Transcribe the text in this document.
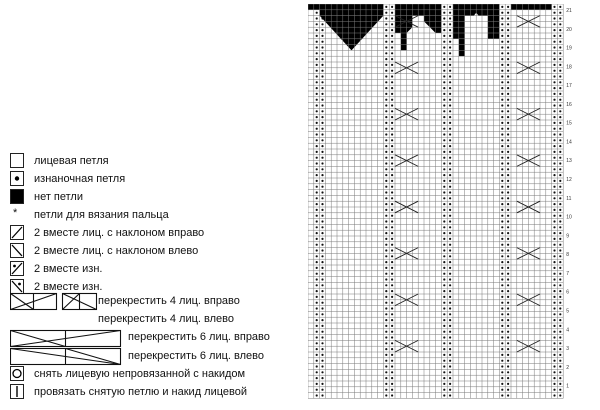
лицевая петля
изнаночная петля
нет петли
* петли для вязания пальца
2 вместе лиц. с наклоном вправо
2 вместе лиц. с наклоном влево
2 вместе изн.
2 вместе изн.
перекрестить 4 лиц. вправо
перекрестить 4 лиц. влево
перекрестить 6 лиц. вправо
перекрестить 6 лиц. влево
снять лицевую непровязанной с накидом
провязать снятую петлю и накид лицевой
21
20
19
18
17
16
15
14
13
12
11
10
9
8
7
6
5
4
3
2
1
